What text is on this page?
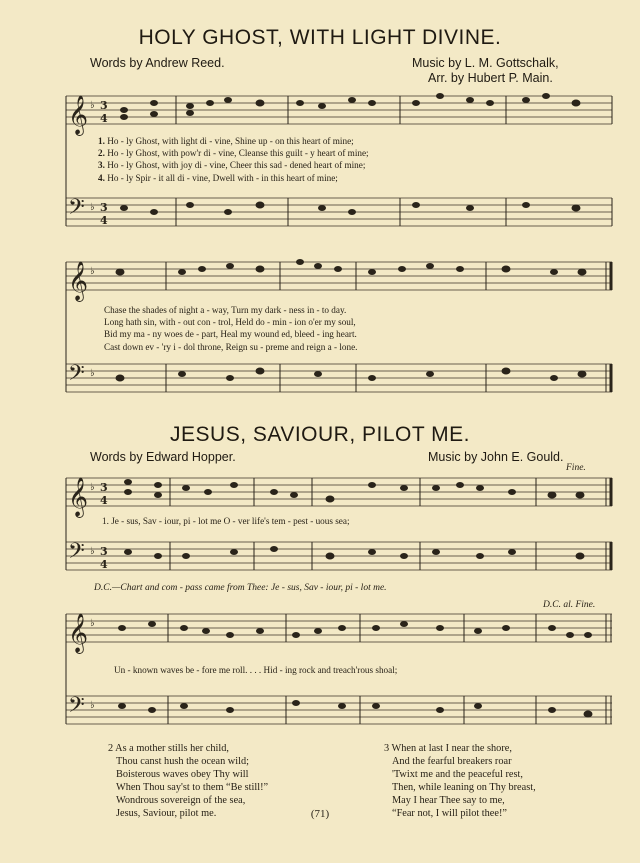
HOLY GHOST, WITH LIGHT DIVINE.
Words by Andrew Reed.	Music by L. M. Gottschalk,
Arr. by Hubert P. Main.
𝄞
𝄢
♭
♭
3
4
3
4
1. Ho - ly Ghost, with light di - vine, Shine up - on this heart of mine;
2. Ho - ly Ghost, with pow'r di - vine, Cleanse this guilt - y heart of mine;
3. Ho - ly Ghost, with joy di - vine, Cheer this sad - dened heart of mine;
4. Ho - ly Spir - it all di - vine, Dwell with - in this heart of mine;
𝄞
𝄢
♭
♭
Chase the shades of night a - way, Turn my dark - ness in - to day.
Long hath sin, with - out con - trol, Held do - min - ion o'er my soul,
Bid my ma - ny woes de - part, Heal my wound ed, bleed - ing heart.
Cast down ev - 'ry i - dol throne, Reign su - preme and reign a - lone.
JESUS, SAVIOUR, PILOT ME.
Words by Edward Hopper.	Music by John E. Gould.
Fine.
𝄞
𝄢
♭
♭
3
4
3
4
1. Je - sus, Sav - iour, pi - lot me O - ver life's tem - pest - uous sea;
D.C.—Chart and com - pass came from Thee: Je - sus, Sav - iour, pi - lot me.
D.C. al. Fine.
𝄞
𝄢
♭
♭
Un - known waves be - fore me roll. . . . Hid - ing rock and treach'rous shoal;
2 As a mother stills her child,
Thou canst hush the ocean wild;
Boisterous waves obey Thy will
When Thou say'st to them “Be still!”
Wondrous sovereign of the sea,
Jesus, Saviour, pilot me.
3 When at last I near the shore,
And the fearful breakers roar
'Twixt me and the peaceful rest,
Then, while leaning on Thy breast,
May I hear Thee say to me,
“Fear not, I will pilot thee!”
(71)
